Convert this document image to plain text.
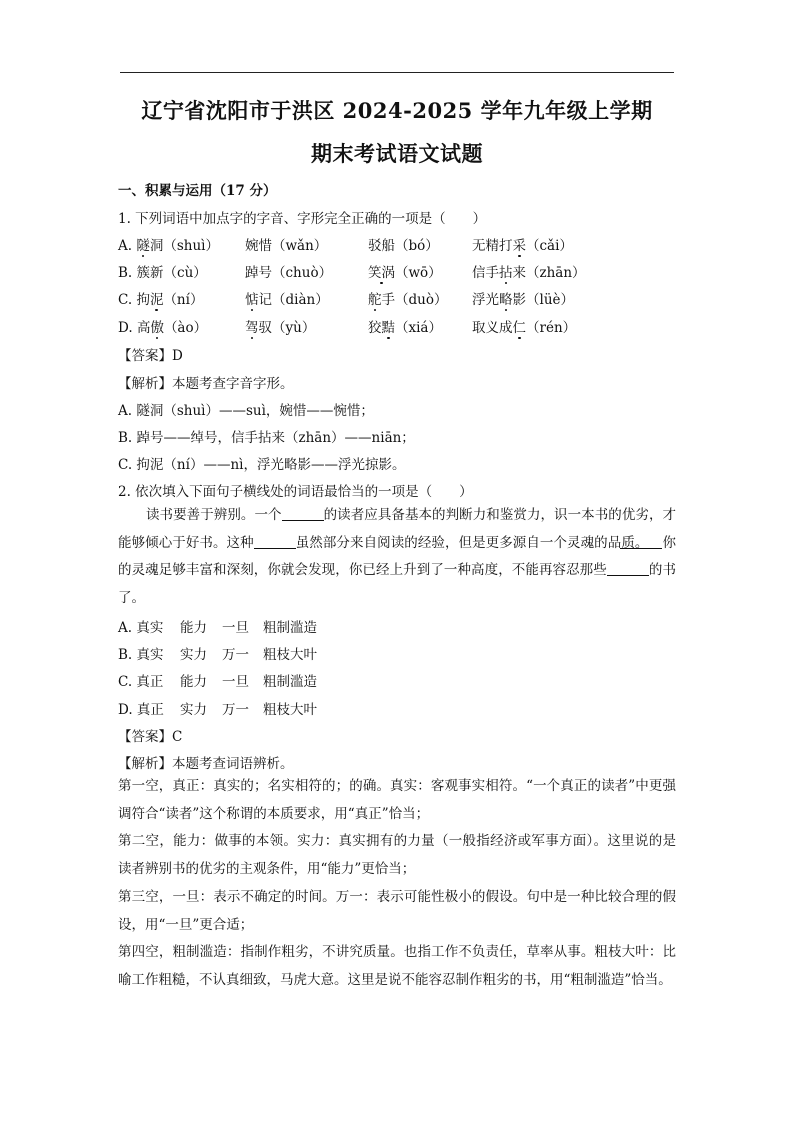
辽宁省沈阳市于洪区 2024-2025 学年九年级上学期
期末考试语文试题
一、积累与运用（17 分）
1. 下列词语中加点字的字音、字形完全正确的一项是（　　）
A. 隧洞（shuì） 婉惜（wǎn）	驳船（bó） 无精打采（cǎi）
B. 簇新（cù）	踔号（chuò）	笑涡（wō） 信手拈来（zhān）
C. 拘泥（ní）	惦记（diàn）	舵手（duò） 浮光略影（lüè）
D. 高傲（ào）	驾驭（yù）	狡黠（xiá） 取义成仁（rén）
【答案】D
【解析】本题考查字音字形。
A. 隧洞（shuì）——suì，婉惜——惋惜；
B. 踔号——绰号，信手拈来（zhān）——niān；
C. 拘泥（ní）——nì，浮光略影——浮光掠影。
2. 依次填入下面句子横线处的词语最恰当的一项是（　　）
读书要善于辨别。一个	的读者应具备基本的判断力和鉴赏力，识一本书的优劣，才能够倾心于好书。这种	虽然部分来自阅读的经验，但是更多源自一个灵魂的品质。 你的灵魂足够丰富和深刻，你就会发现，你已经上升到了一种高度，不能再容忍那些	的书了。
A. 真实 能力 一旦 粗制滥造
B. 真实 实力 万一 粗枝大叶
C. 真正 能力 一旦 粗制滥造
D. 真正 实力 万一 粗枝大叶
【答案】C
【解析】本题考查词语辨析。
第一空，真正：真实的；名实相符的；的确。真实：客观事实相符。“一个真正的读者”中更强调符合“读者”这个称谓的本质要求，用“真正”恰当；
第二空，能力：做事的本领。实力：真实拥有的力量（一般指经济或军事方面）。这里说的是读者辨别书的优劣的主观条件，用“能力”更恰当；
第三空，一旦：表示不确定的时间。万一：表示可能性极小的假设。句中是一种比较合理的假设，用“一旦”更合适；
第四空，粗制滥造：指制作粗劣，不讲究质量。也指工作不负责任，草率从事。粗枝大叶：比喻工作粗糙，不认真细致，马虎大意。这里是说不能容忍制作粗劣的书，用“粗制滥造”恰当。
